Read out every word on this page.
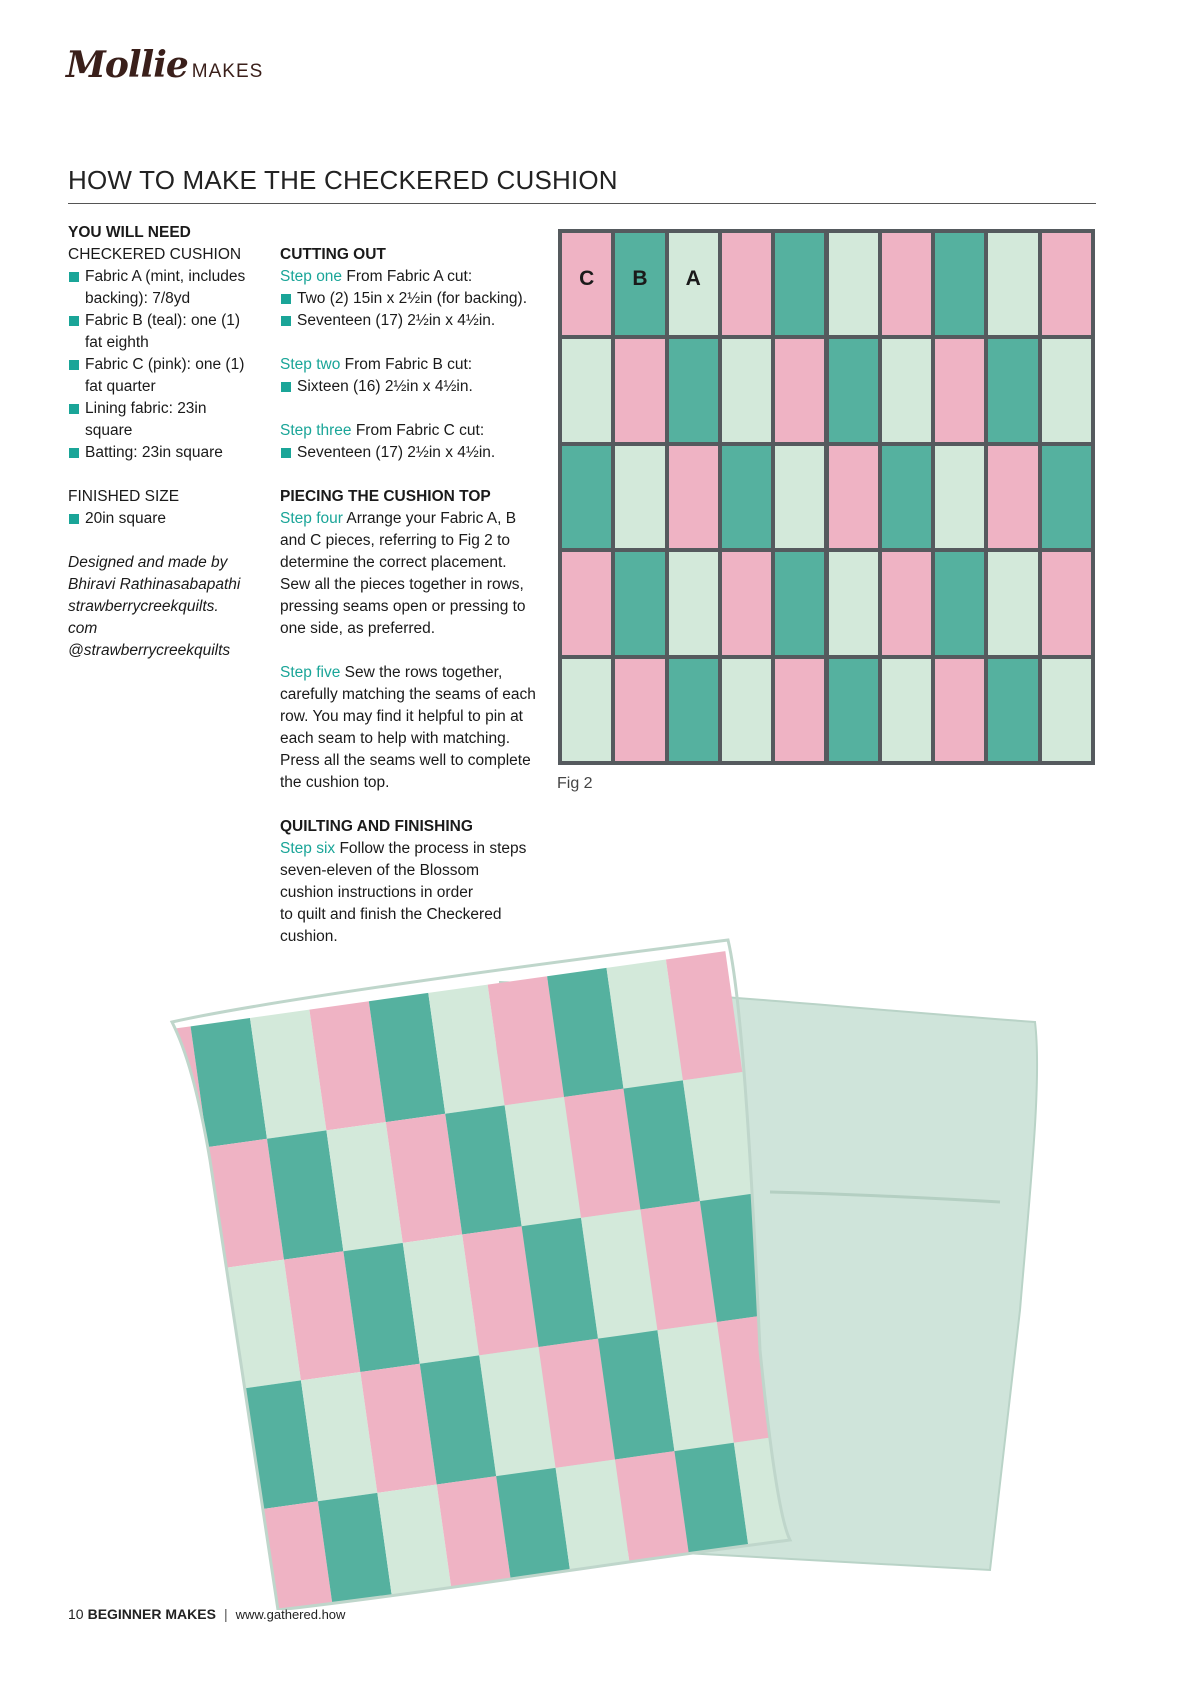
Mollie MAKES
HOW TO MAKE THE CHECKERED CUSHION
YOU WILL NEED
CHECKERED CUSHION
Fabric A (mint, includes
backing): 7/8yd
Fabric B (teal): one (1)
fat eighth
Fabric C (pink): one (1)
fat quarter
Lining fabric: 23in
square
Batting: 23in square
FINISHED SIZE
20in square
Designed and made by
Bhiravi Rathinasabapathi
strawberrycreekquilts.
com
@strawberrycreekquilts
CUTTING OUT
Step one From Fabric A cut:
Two (2) 15in x 2½in (for backing).
Seventeen (17) 2½in x 4½in.
Step two From Fabric B cut:
Sixteen (16) 2½in x 4½in.
Step three From Fabric C cut:
Seventeen (17) 2½in x 4½in.
PIECING THE CUSHION TOP
Step four Arrange your Fabric A, B
and C pieces, referring to Fig 2 to
determine the correct placement.
Sew all the pieces together in rows,
pressing seams open or pressing to
one side, as preferred.
Step five Sew the rows together,
carefully matching the seams of each
row. You may find it helpful to pin at
each seam to help with matching.
Press all the seams well to complete
the cushion top.
QUILTING AND FINISHING
Step six Follow the process in steps
seven-eleven of the Blossom
cushion instructions in order
to quilt and finish the Checkered
cushion.
C	B	A
Fig 2
10 BEGINNER MAKES | www.gathered.how
